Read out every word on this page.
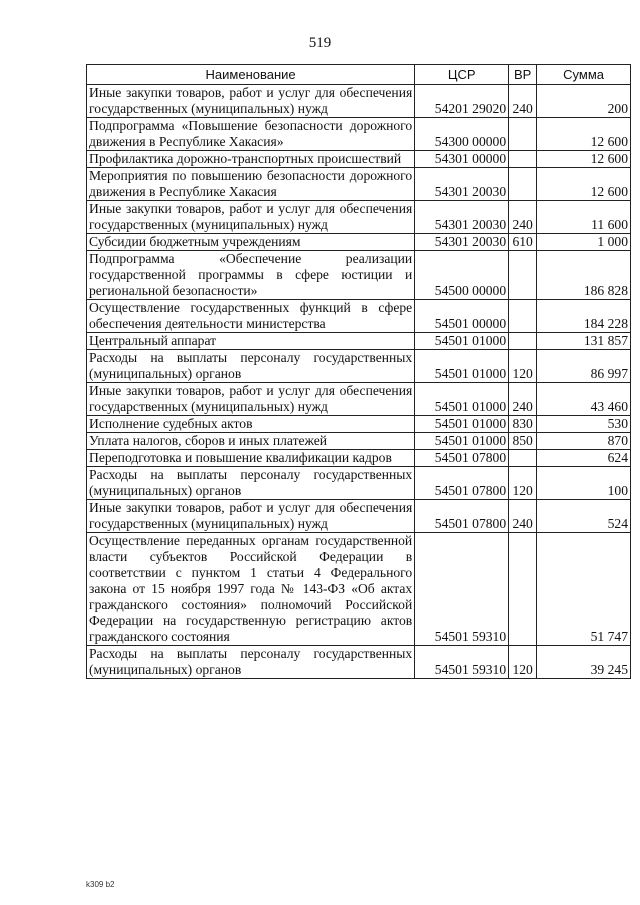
519
Наименование	ЦСР	ВР	Сумма
Иные закупки товаров, работ и услуг для обеспечения государственных (муниципальных) нужд	54201 29020	240	200
Подпрограмма «Повышение безопасности дорожного движения в Республике Хакасия»	54300 00000		12 600
Профилактика дорожно-транспортных происшествий	54301 00000		12 600
Мероприятия по повышению безопасности дорожного движения в Республике Хакасия	54301 20030		12 600
Иные закупки товаров, работ и услуг для обеспечения государственных (муниципальных) нужд	54301 20030	240	11 600
Субсидии бюджетным учреждениям	54301 20030	610	1 000
Подпрограмма «Обеспечение реализации государственной программы в сфере юстиции и региональной безопасности»	54500 00000		186 828
Осуществление государственных функций в сфере обеспечения деятельности министерства	54501 00000		184 228
Центральный аппарат	54501 01000		131 857
Расходы на выплаты персоналу государственных (муниципальных) органов	54501 01000	120	86 997
Иные закупки товаров, работ и услуг для обеспечения государственных (муниципальных) нужд	54501 01000	240	43 460
Исполнение судебных актов	54501 01000	830	530
Уплата налогов, сборов и иных платежей	54501 01000	850	870
Переподготовка и повышение квалификации кадров	54501 07800		624
Расходы на выплаты персоналу государственных (муниципальных) органов	54501 07800	120	100
Иные закупки товаров, работ и услуг для обеспечения государственных (муниципальных) нужд	54501 07800	240	524
Осуществление переданных органам государственной власти субъектов Российской Федерации в соответствии с пунктом 1 статьи 4 Федерального закона от 15 ноября 1997 года № 143-ФЗ «Об актах гражданского состояния» полномочий Российской Федерации на государственную регистрацию актов гражданского состояния	54501 59310		51 747
Расходы на выплаты персоналу государственных (муниципальных) органов	54501 59310	120	39 245
k309 b2
